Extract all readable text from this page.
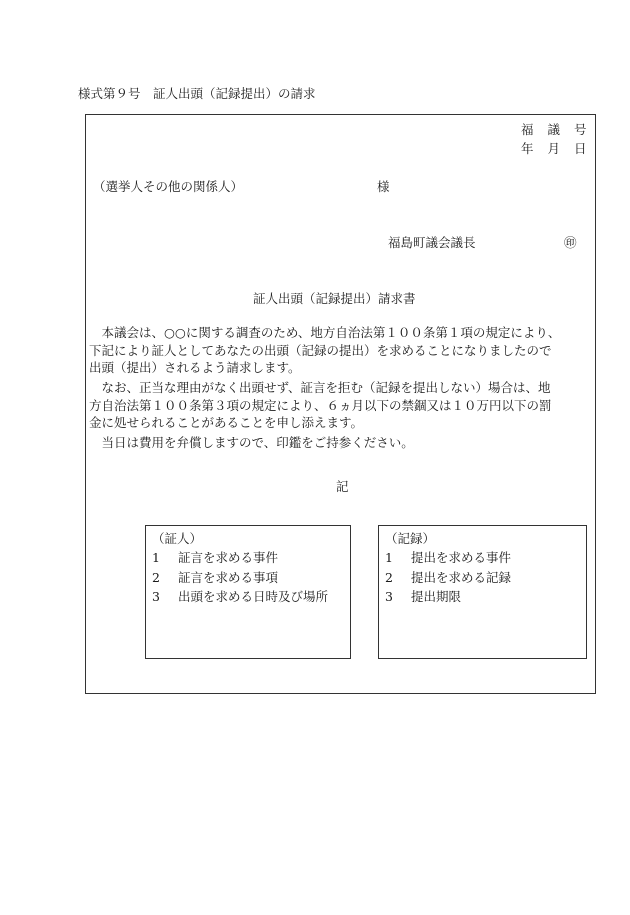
様式第９号　証人出頭（記録提出）の請求
福 議 号
年 月 日
（選挙人その他の関係人）	様
福島町議会議長	㊞
証人出頭（記録提出）請求書
　本議会は、○○に関する調査のため、地方自治法第１００条第１項の規定により、
下記により証人としてあなたの出頭（記録の提出）を求めることになりましたので
出頭（提出）されるよう請求します。
　なお、正当な理由がなく出頭せず、証言を拒む（記録を提出しない）場合は、地
方自治法第１００条第３項の規定により、６ヵ月以下の禁錮又は１０万円以下の罰
金に処せられることがあることを申し添えます。
　当日は費用を弁償しますので、印鑑をご持参ください。
記
（証人）
1 証言を求める事件
2 証言を求める事項
3 出頭を求める日時及び場所
（記録）
1 提出を求める事件
2 提出を求める記録
3 提出期限
